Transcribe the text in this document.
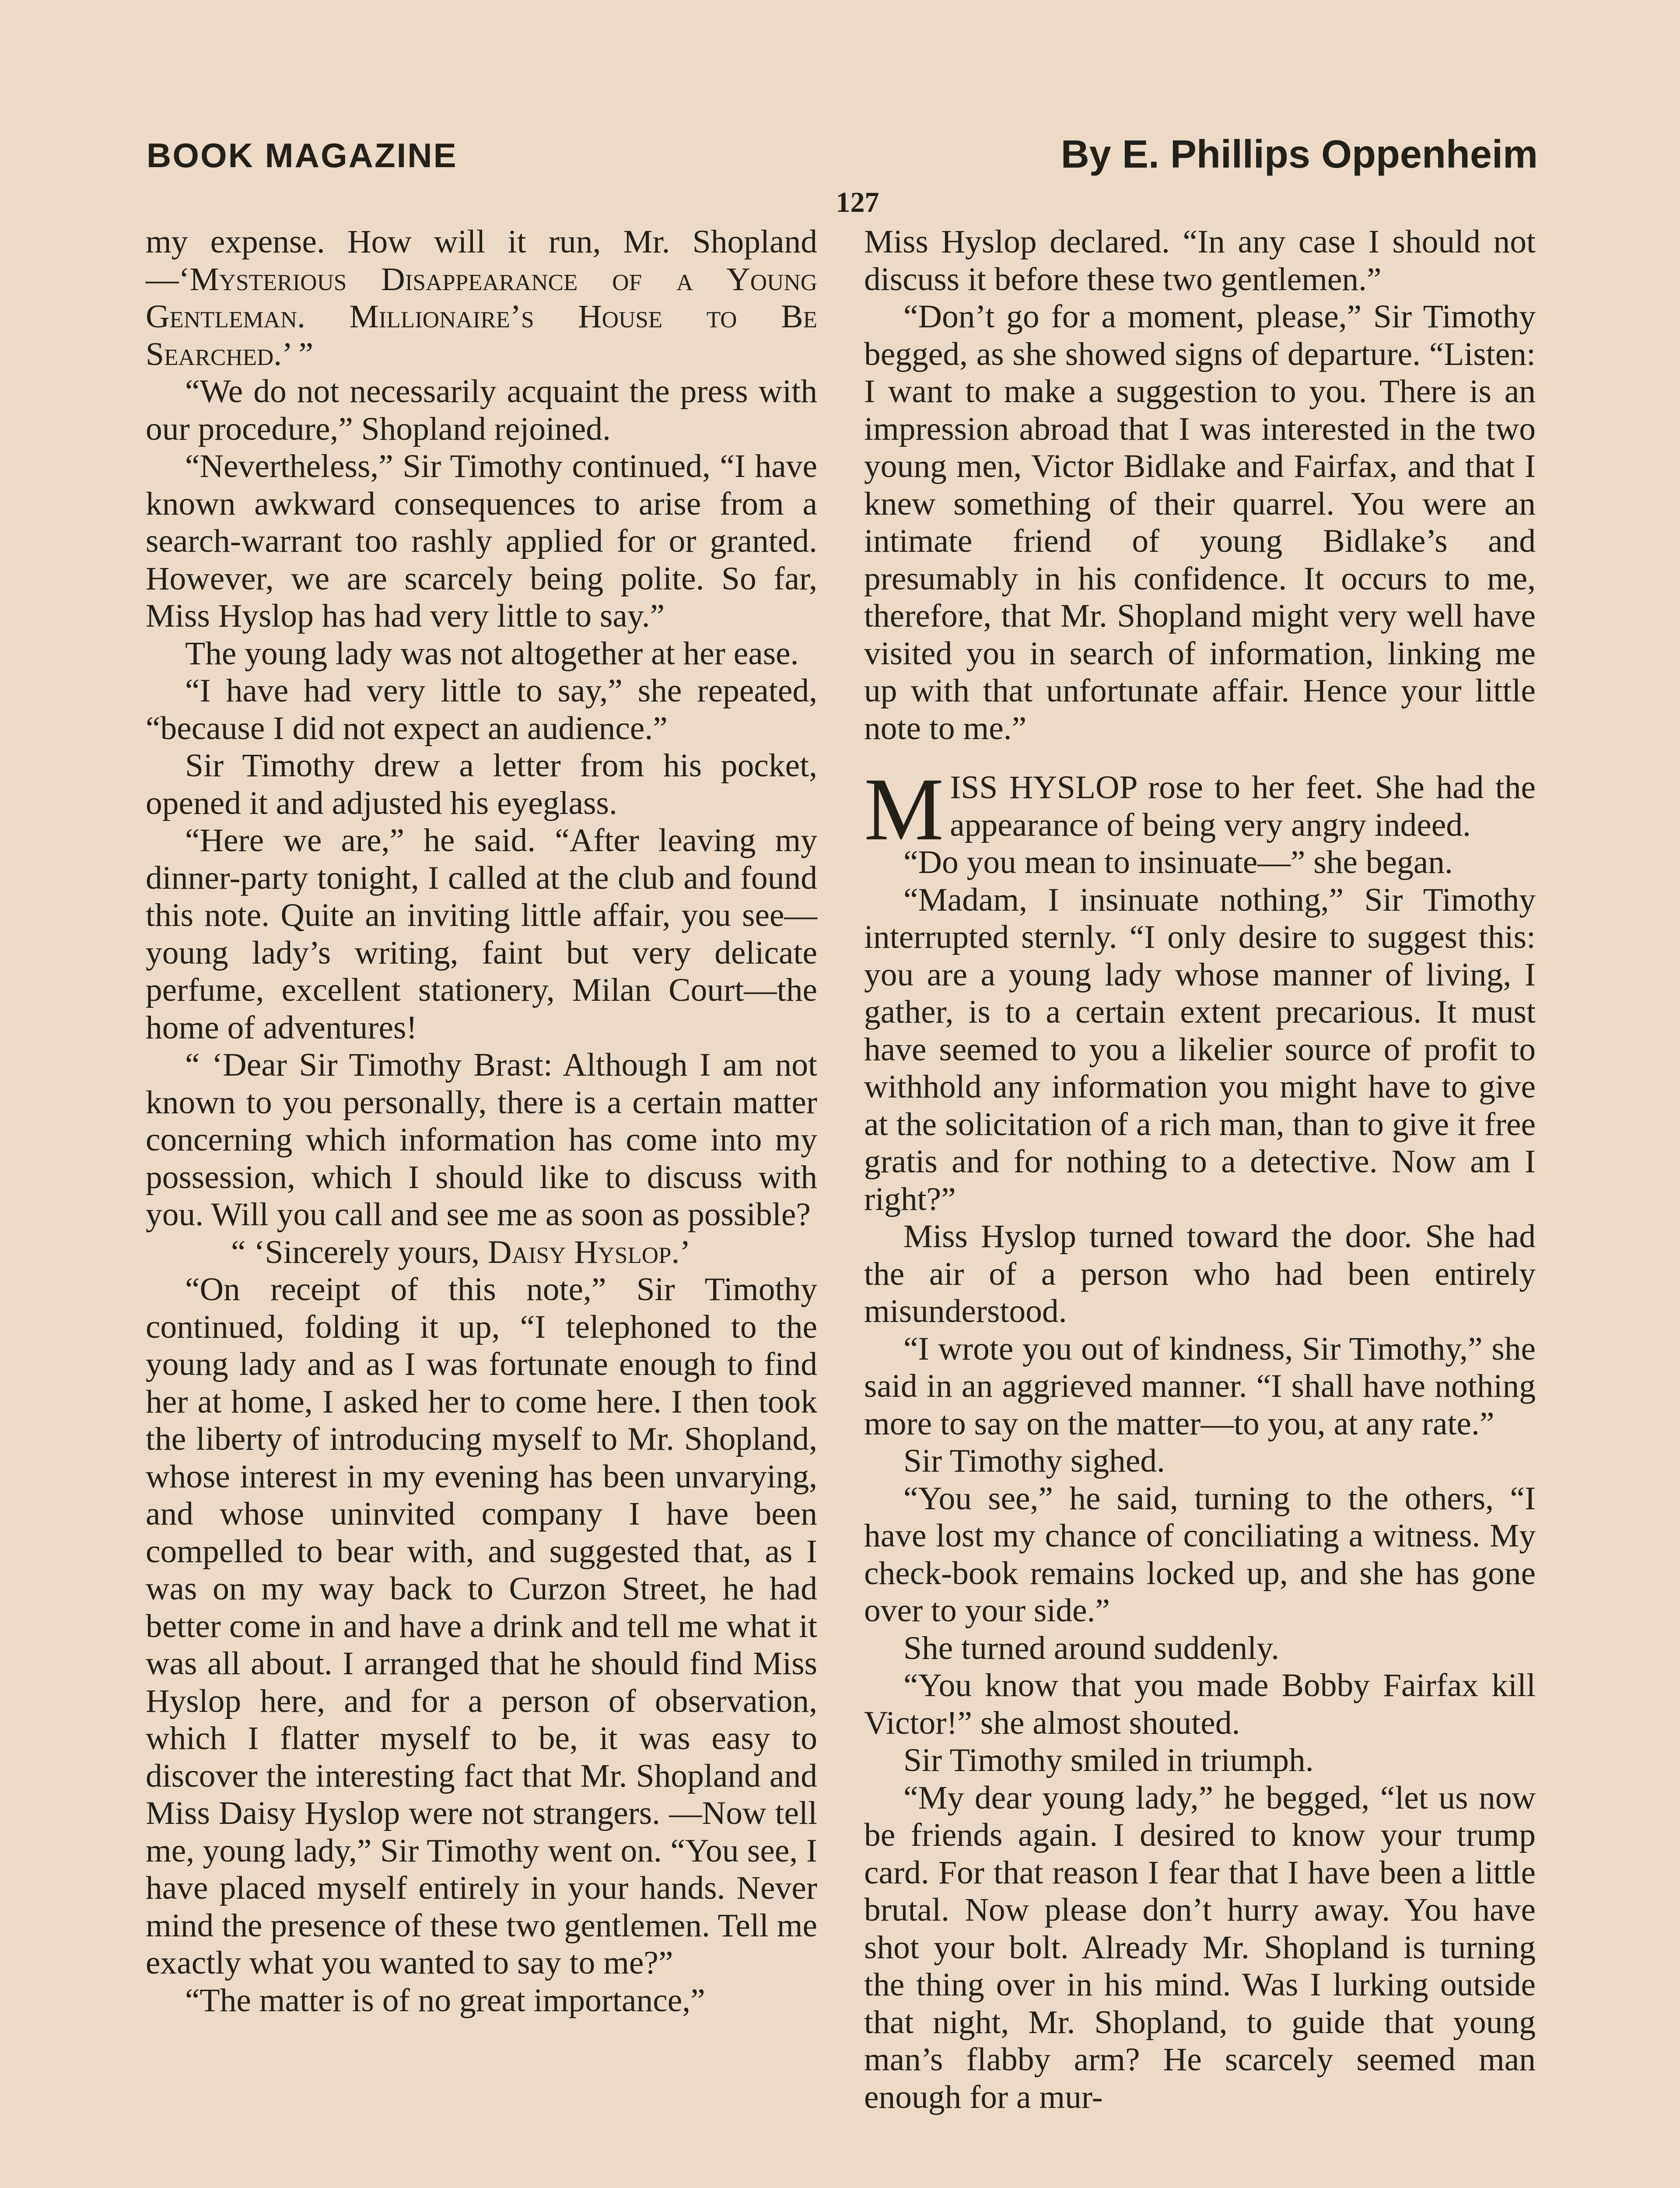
BOOK MAGAZINE	By E. Phillips Oppenheim
127

my expense. How will it run, Mr. Shopland—‘Mysterious Disappearance of a Young Gentleman. Millionaire’s House to Be Searched.’ ”

“We do not necessarily acquaint the press with our procedure,” Shopland rejoined.

“Nevertheless,” Sir Timothy continued, “I have known awkward consequences to arise from a search-warrant too rashly applied for or granted. However, we are scarcely being polite. So far, Miss Hyslop has had very little to say.”

The young lady was not altogether at her ease.

“I have had very little to say,” she repeated, “because I did not expect an audience.”

Sir Timothy drew a letter from his pocket, opened it and adjusted his eyeglass.

“Here we are,” he said. “After leaving my dinner-party tonight, I called at the club and found this note. Quite an inviting little affair, you see—young lady’s writing, faint but very delicate perfume, excellent stationery, Milan Court—the home of adventures!

“ ‘Dear Sir Timothy Brast: Although I am not known to you personally, there is a certain matter concerning which information has come into my possession, which I should like to discuss with you. Will you call and see me as soon as possible?

“ ‘Sincerely yours, Daisy Hyslop.’

“On receipt of this note,” Sir Timothy continued, folding it up, “I telephoned to the young lady and as I was fortunate enough to find her at home, I asked her to come here. I then took the liberty of introducing myself to Mr. Shopland, whose interest in my evening has been unvarying, and whose uninvited company I have been compelled to bear with, and suggested that, as I was on my way back to Curzon Street, he had better come in and have a drink and tell me what it was all about. I arranged that he should find Miss Hyslop here, and for a person of observation, which I flatter myself to be, it was easy to discover the interesting fact that Mr. Shopland and Miss Daisy Hyslop were not strangers. —Now tell me, young lady,” Sir Timothy went on. “You see, I have placed myself entirely in your hands. Never mind the presence of these two gentlemen. Tell me exactly what you wanted to say to me?”

“The matter is of no great importance,”

Miss Hyslop declared. “In any case I should not discuss it before these two gentlemen.”

“Don’t go for a moment, please,” Sir Timothy begged, as she showed signs of departure. “Listen: I want to make a suggestion to you. There is an impression abroad that I was interested in the two young men, Victor Bidlake and Fairfax, and that I knew something of their quarrel. You were an intimate friend of young Bidlake’s and presumably in his confidence. It occurs to me, therefore, that Mr. Shopland might very well have visited you in search of information, linking me up with that unfortunate affair. Hence your little note to me.”

MISS HYSLOP rose to her feet. She had the appearance of being very angry indeed.

“Do you mean to insinuate—” she began.

“Madam, I insinuate nothing,” Sir Timothy interrupted sternly. “I only desire to suggest this: you are a young lady whose manner of living, I gather, is to a certain extent precarious. It must have seemed to you a likelier source of profit to withhold any information you might have to give at the solicitation of a rich man, than to give it free gratis and for nothing to a detective. Now am I right?”

Miss Hyslop turned toward the door. She had the air of a person who had been entirely misunderstood.

“I wrote you out of kindness, Sir Timothy,” she said in an aggrieved manner. “I shall have nothing more to say on the matter—to you, at any rate.”

Sir Timothy sighed.

“You see,” he said, turning to the others, “I have lost my chance of conciliating a witness. My check-book remains locked up, and she has gone over to your side.”

She turned around suddenly.

“You know that you made Bobby Fairfax kill Victor!” she almost shouted.

Sir Timothy smiled in triumph.

“My dear young lady,” he begged, “let us now be friends again. I desired to know your trump card. For that reason I fear that I have been a little brutal. Now please don’t hurry away. You have shot your bolt. Already Mr. Shopland is turning the thing over in his mind. Was I lurking outside that night, Mr. Shopland, to guide that young man’s flabby arm? He scarcely seemed man enough for a mur-
